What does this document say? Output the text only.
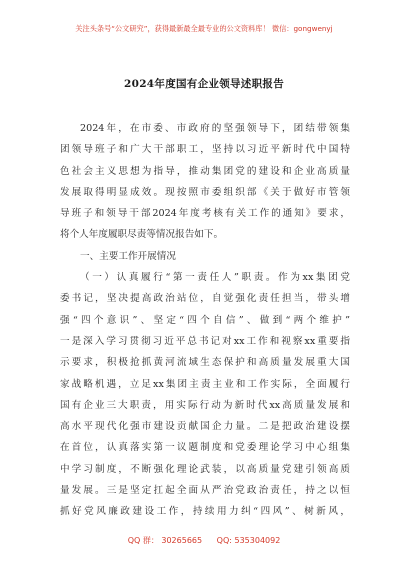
关注头条号“公文研究”，获得最新最全最专业的公文资料库！ 微信：gongwenyj
2024年度国有企业领导述职报告
2024年，在市委、市政府的坚强领导下，团结带领集
团领导班子和广大干部职工，坚持以习近平新时代中国特
色社会主义思想为指导，推动集团党的建设和企业高质量
发展取得明显成效。现按照市委组织部《关于做好市管领
导班子和领导干部2024年度考核有关工作的通知》要求，
将个人年度履职尽责等情况报告如下。
一、主要工作开展情况
（一）认真履行“第一责任人”职责。作为xx集团党
委书记，坚决提高政治站位，自觉强化责任担当，带头增
强“四个意识”、坚定“四个自信”、做到“两个维护”
一是深入学习贯彻习近平总书记对xx工作和视察xx重要指
示要求，积极抢抓黄河流域生态保护和高质量发展重大国
家战略机遇，立足xx集团主责主业和工作实际，全面履行
国有企业三大职责，用实际行动为新时代xx高质量发展和
高水平现代化强市建设贡献国企力量。二是把政治建设摆
在首位，认真落实第一议题制度和党委理论学习中心组集
中学习制度，不断强化理论武装，以高质量党建引领高质
量发展。三是坚定扛起全面从严治党政治责任，持之以恒
抓好党风廉政建设工作，持续用力纠“四风”、树新风，
QQ 群： 30265665 QQ: 535304092
